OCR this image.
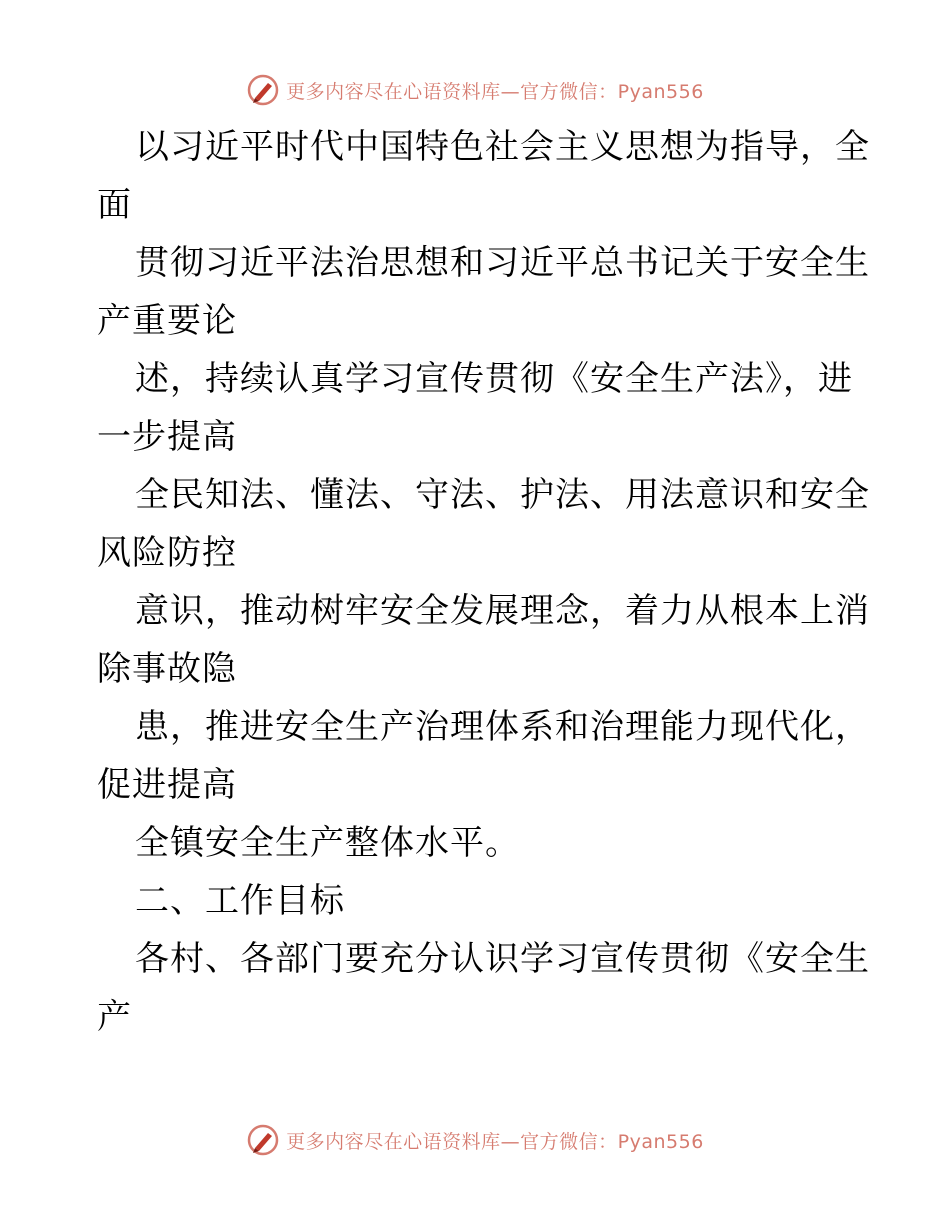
更多内容尽在心语资料库—官方微信：Pyan556
以习近平时代中国特色社会主义思想为指导，全
面
贯彻习近平法治思想和习近平总书记关于安全生
产重要论
述，持续认真学习宣传贯彻《安全生产法》，进
一步提高
全民知法、懂法、守法、护法、用法意识和安全
风险防控
意识，推动树牢安全发展理念，着力从根本上消
除事故隐
患，推进安全生产治理体系和治理能力现代化，
促进提高
全镇安全生产整体水平。
二、工作目标
各村、各部门要充分认识学习宣传贯彻《安全生
产
更多内容尽在心语资料库—官方微信：Pyan556
